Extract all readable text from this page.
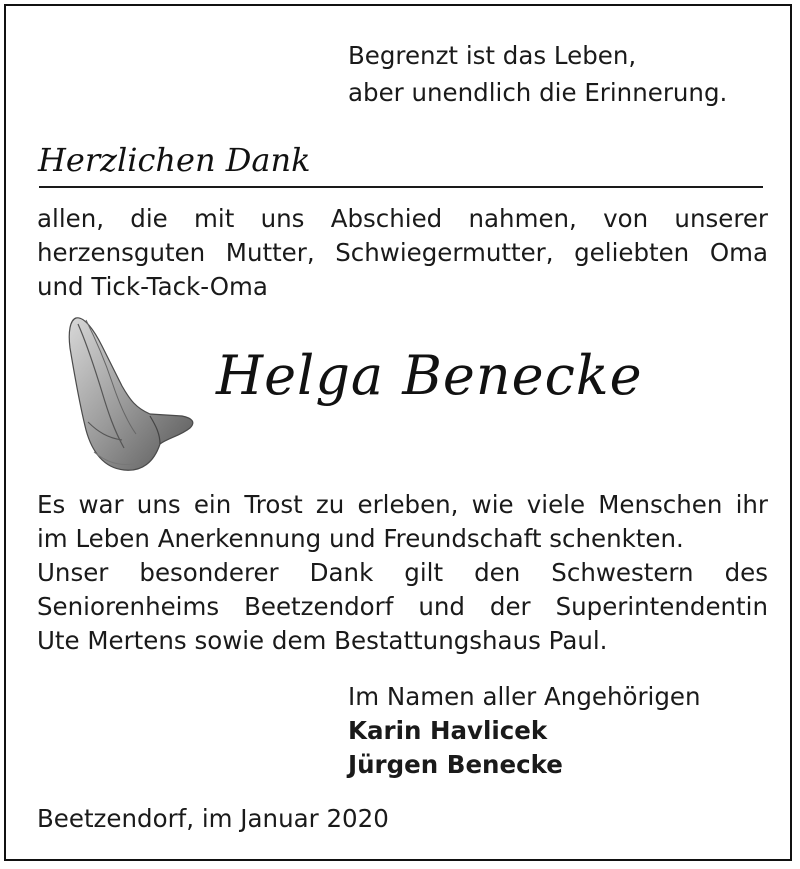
Begrenzt ist das Leben,
aber unendlich die Erinnerung.
Herzlichen Dank
allen, die mit uns Abschied nahmen, von unserer
herzensguten Mutter, Schwiegermutter, geliebten Oma
und Tick-Tack-Oma
Helga Benecke
Es war uns ein Trost zu erleben, wie viele Menschen ihr
im Leben Anerkennung und Freundschaft schenkten.
Unser besonderer Dank gilt den Schwestern des
Seniorenheims Beetzendorf und der Superintendentin
Ute Mertens sowie dem Bestattungshaus Paul.
Im Namen aller Angehörigen
Karin Havlicek
Jürgen Benecke
Beetzendorf, im Januar 2020
